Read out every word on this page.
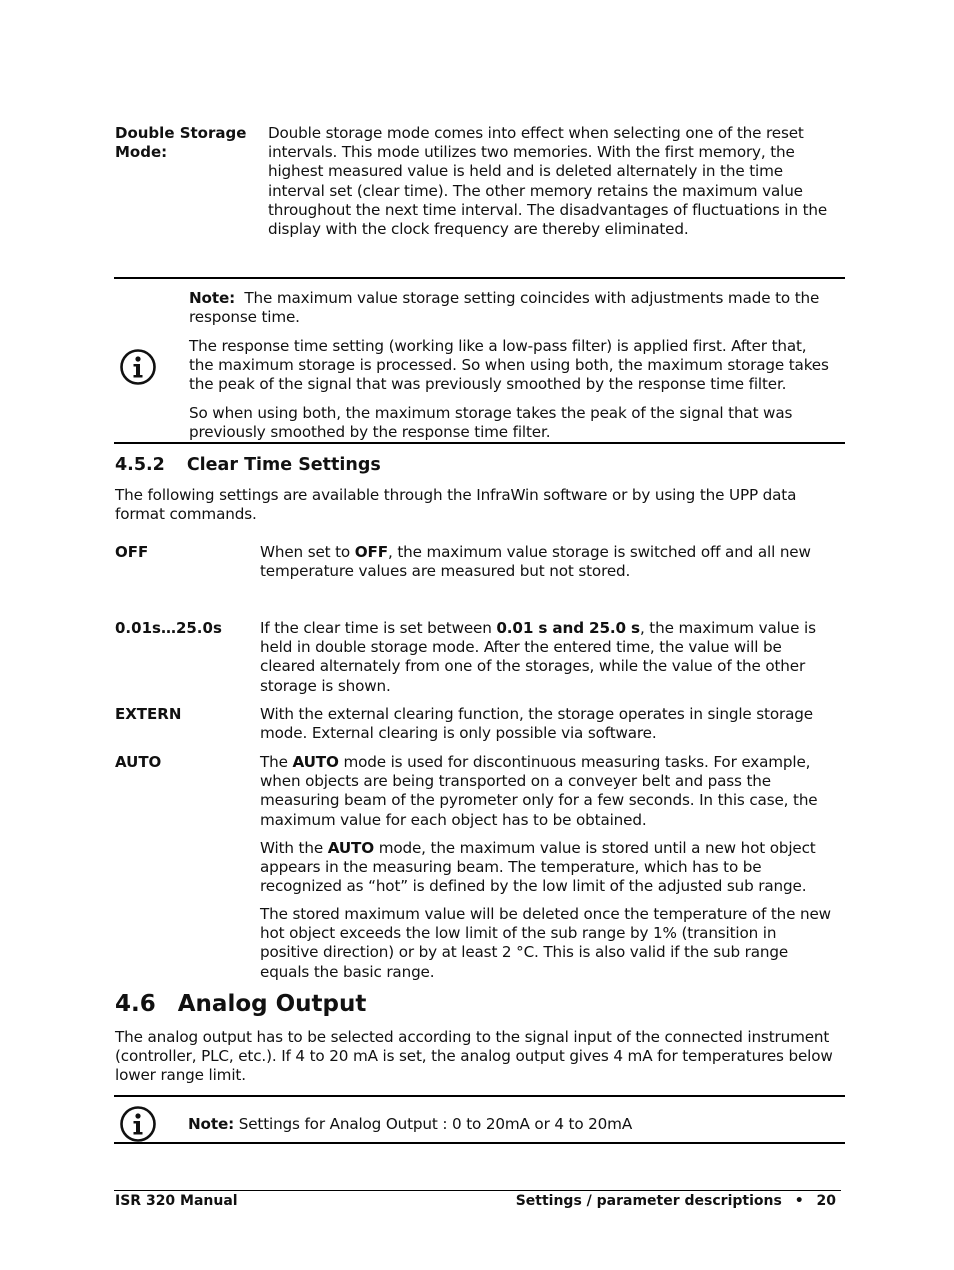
Double Storage Mode:

Double storage mode comes into effect when selecting one of the reset intervals. This mode utilizes two memories. With the first memory, the highest measured value is held and is deleted alternately in the time interval set (clear time). The other memory retains the maximum value throughout the next time interval. The disadvantages of fluctuations in the display with the clock frequency are thereby eliminated.

Note: The maximum value storage setting coincides with adjustments made to the response time.

The response time setting (working like a low-pass filter) is applied first. After that, the maximum storage is processed. So when using both, the maximum storage takes the peak of the signal that was previously smoothed by the response time filter.

So when using both, the maximum storage takes the peak of the signal that was previously smoothed by the response time filter.

4.5.2 Clear Time Settings

The following settings are available through the InfraWin software or by using the UPP data format commands.

OFF	When set to OFF, the maximum value storage is switched off and all new temperature values are measured but not stored.

0.01s…25.0s	If the clear time is set between 0.01 s and 25.0 s, the maximum value is held in double storage mode. After the entered time, the value will be cleared alternately from one of the storages, while the value of the other storage is shown.

EXTERN	With the external clearing function, the storage operates in single storage mode. External clearing is only possible via software.

AUTO	The AUTO mode is used for discontinuous measuring tasks. For example, when objects are being transported on a conveyer belt and pass the measuring beam of the pyrometer only for a few seconds. In this case, the maximum value for each object has to be obtained.

With the AUTO mode, the maximum value is stored until a new hot object appears in the measuring beam. The temperature, which has to be recognized as “hot” is defined by the low limit of the adjusted sub range.

The stored maximum value will be deleted once the temperature of the new hot object exceeds the low limit of the sub range by 1% (transition in positive direction) or by at least 2 °C. This is also valid if the sub range equals the basic range.

4.6 Analog Output

The analog output has to be selected according to the signal input of the connected instrument (controller, PLC, etc.). If 4 to 20 mA is set, the analog output gives 4 mA for temperatures below lower range limit.

Note: Settings for Analog Output : 0 to 20mA or 4 to 20mA

ISR 320 Manual	Settings / parameter descriptions • 20
